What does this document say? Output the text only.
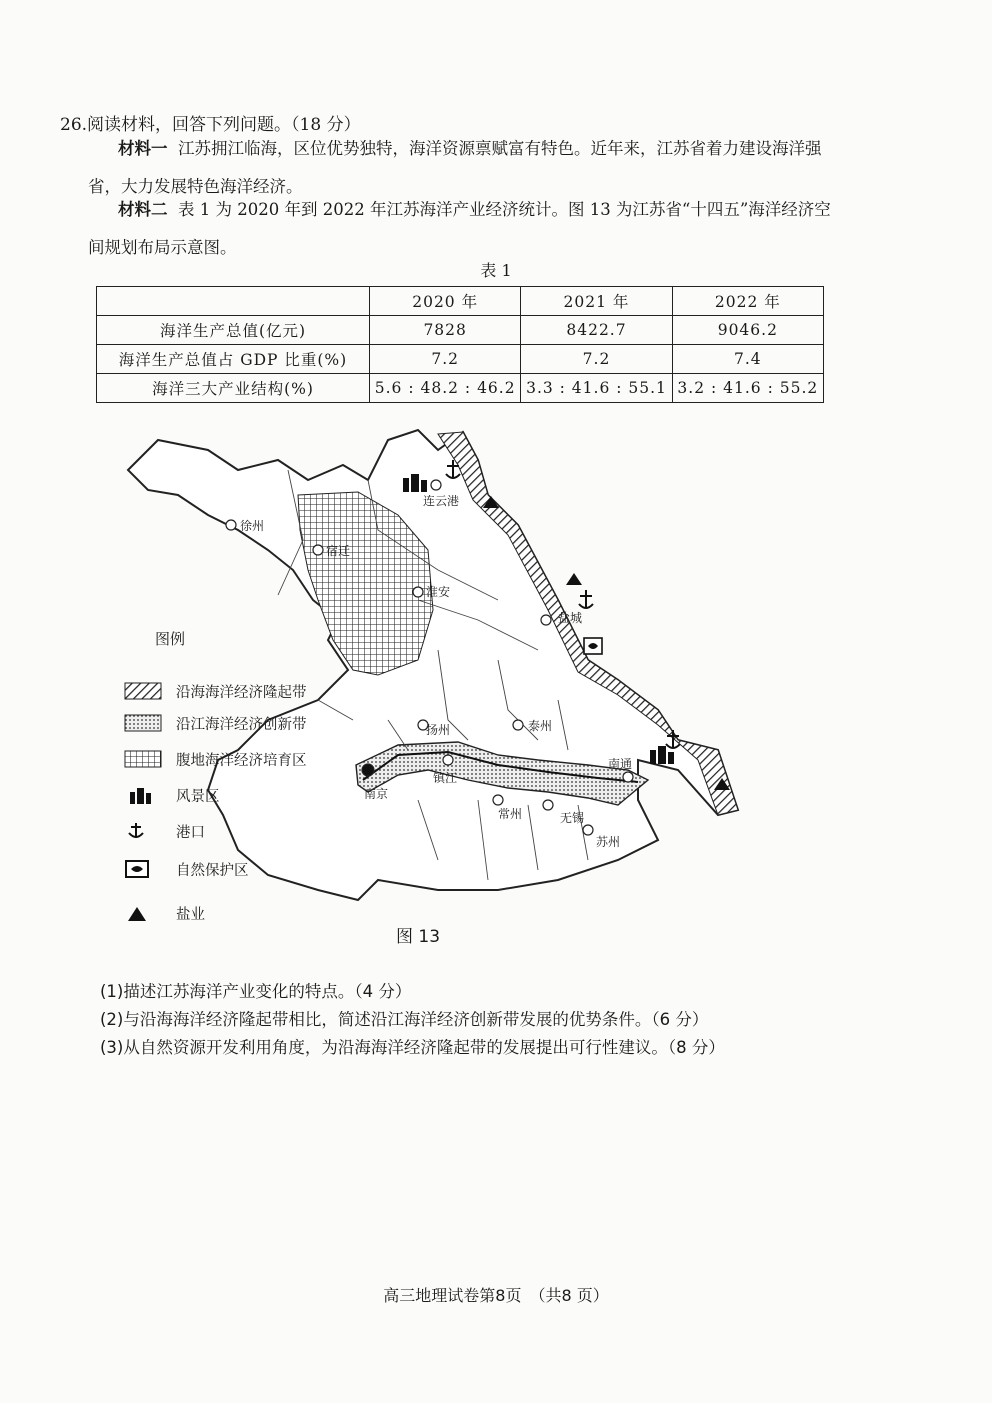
26.阅读材料，回答下列问题。（18 分）
材料一 江苏拥江临海，区位优势独特，海洋资源禀赋富有特色。近年来，江苏省着力建设海洋强省，大力发展特色海洋经济。
材料二 表 1 为 2020 年到 2022 年江苏海洋产业经济统计。图 13 为江苏省“十四五”海洋经济空间规划布局示意图。
表 1
	2020 年	2021 年	2022 年
海洋生产总值(亿元)	7828	8422.7	9046.2
海洋生产总值占 GDP 比重(%)	7.2	7.2	7.4
海洋三大产业结构(%)	5.6 : 48.2 : 46.2	3.3 : 41.6 : 55.1	3.2 : 41.6 : 55.2
徐州
连云港
宿迁
淮安
盐城
扬州	泰州
南京
镇江
常州	无锡
苏州
南通
图例
沿海海洋经济隆起带
沿江海洋经济创新带
腹地海洋经济培育区
风景区
港口
自然保护区
盐业
图 13
(1)描述江苏海洋产业变化的特点。（4 分）
(2)与沿海海洋经济隆起带相比，简述沿江海洋经济创新带发展的优势条件。（6 分）
(3)从自然资源开发利用角度，为沿海海洋经济隆起带的发展提出可行性建议。（8 分）
高三地理试卷第8页　（共8 页）
